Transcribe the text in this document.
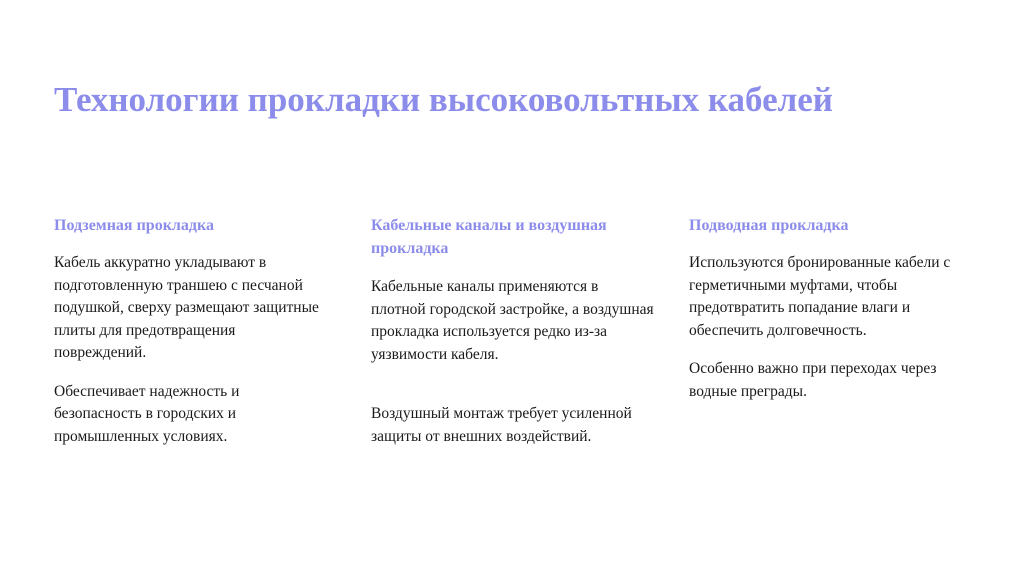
Технологии прокладки высоковольтных кабелей
Подземная прокладка

Кабель аккуратно укладывают в подготовленную траншею с песчаной подушкой, сверху размещают защитные плиты для предотвращения повреждений.

Обеспечивает надежность и безопасность в городских и промышленных условиях.

Кабельные каналы и воздушная прокладка

Кабельные каналы применяются в плотной городской застройке, а воздушная прокладка используется редко из-за уязвимости кабеля.

Воздушный монтаж требует усиленной защиты от внешних воздействий.

Подводная прокладка

Используются бронированные кабели с герметичными муфтами, чтобы предотвратить попадание влаги и обеспечить долговечность.

Особенно важно при переходах через водные преграды.
